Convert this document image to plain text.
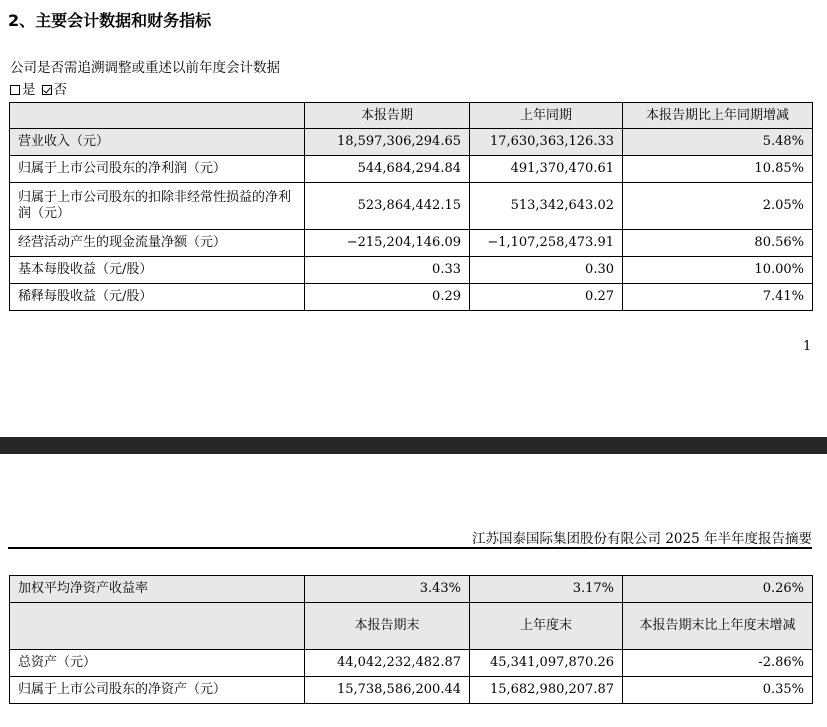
2、主要会计数据和财务指标
公司是否需追溯调整或重述以前年度会计数据
是 否
	本报告期	上年同期	本报告期比上年同期增减
营业收入（元）	18,597,306,294.65	17,630,363,126.33	5.48%
归属于上市公司股东的净利润（元）	544,684,294.84	491,370,470.61	10.85%
归属于上市公司股东的扣除非经常性损益的净利润（元）	523,864,442.15	513,342,643.02	2.05%
经营活动产生的现金流量净额（元）	−215,204,146.09	−1,107,258,473.91	80.56%
基本每股收益（元/股）	0.33	0.30	10.00%
稀释每股收益（元/股）	0.29	0.27	7.41%
1
江苏国泰国际集团股份有限公司 2025 年半年度报告摘要
加权平均净资产收益率	3.43%	3.17%	0.26%
	本报告期末	上年度末	本报告期末比上年度末增减
总资产（元）	44,042,232,482.87	45,341,097,870.26	-2.86%
归属于上市公司股东的净资产（元）	15,738,586,200.44	15,682,980,207.87	0.35%
